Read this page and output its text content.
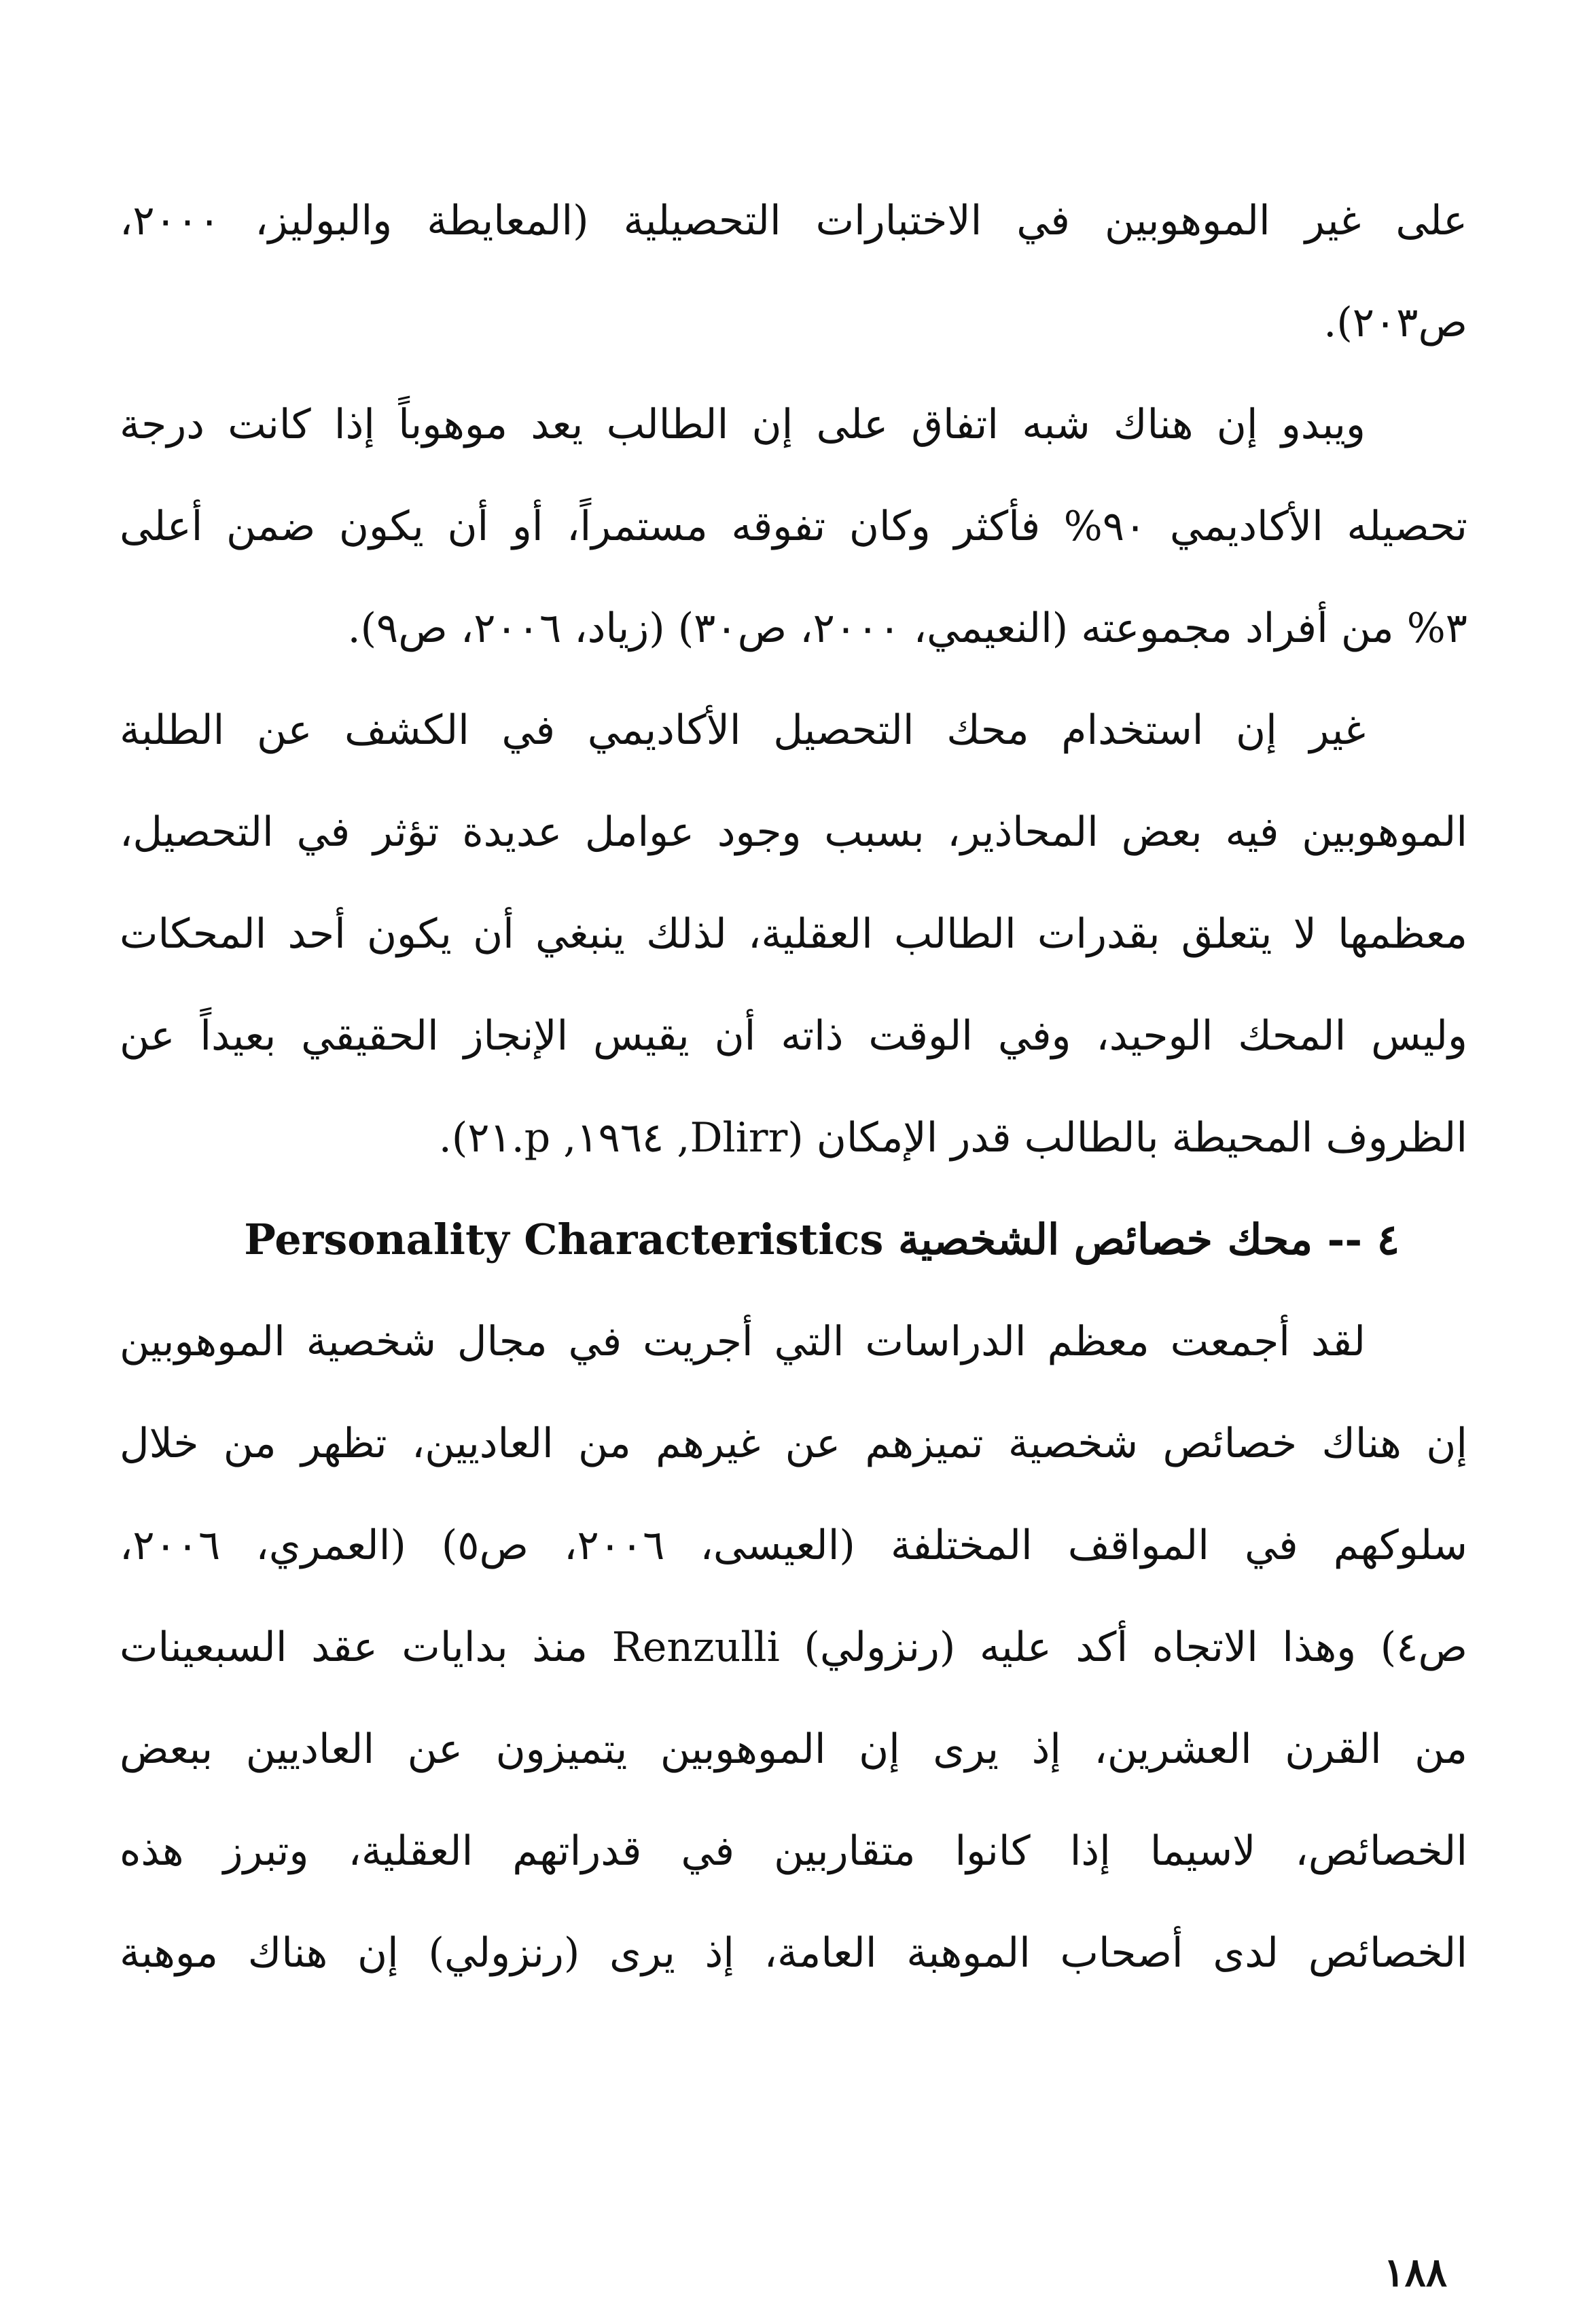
على غير الموهوبين في الاختبارات التحصيلية (المعايطة والبوليز، ٢٠٠٠،
ص٢٠٣).
ويبدو إن هناك شبه اتفاق على إن الطالب يعد موهوباً إذا كانت درجة
تحصيله الأكاديمي ٩٠% فأكثر وكان تفوقه مستمراً، أو أن يكون ضمن أعلى
٣% من أفراد مجموعته (النعيمي، ٢٠٠٠، ص٣٠) (زياد، ٢٠٠٦، ص٩).
غير إن استخدام محك التحصيل الأكاديمي في الكشف عن الطلبة
الموهوبين فيه بعض المحاذير، بسبب وجود عوامل عديدة تؤثر في التحصيل،
معظمها لا يتعلق بقدرات الطالب العقلية، لذلك ينبغي أن يكون أحد المحكات
وليس المحك الوحيد، وفي الوقت ذاته أن يقيس الإنجاز الحقيقي بعيداً عن
الظروف المحيطة بالطالب قدر الإمكان (Dlirr, ١٩٦٤, p.٢١).
٤ -- محك خصائص الشخصية Personality Characteristics
لقد أجمعت معظم الدراسات التي أجريت في مجال شخصية الموهوبين
إن هناك خصائص شخصية تميزهم عن غيرهم من العاديين، تظهر من خلال
سلوكهم في المواقف المختلفة (العيسى، ٢٠٠٦، ص٥) (العمري، ٢٠٠٦،
ص٤) وهذا الاتجاه أكد عليه (رنزولي) Renzulli منذ بدايات عقد السبعينات
من القرن العشرين، إذ يرى إن الموهوبين يتميزون عن العاديين ببعض
الخصائص، لاسيما إذا كانوا متقاربين في قدراتهم العقلية، وتبرز هذه
الخصائص لدى أصحاب الموهبة العامة، إذ يرى (رنزولي) إن هناك موهبة
١٨٨
